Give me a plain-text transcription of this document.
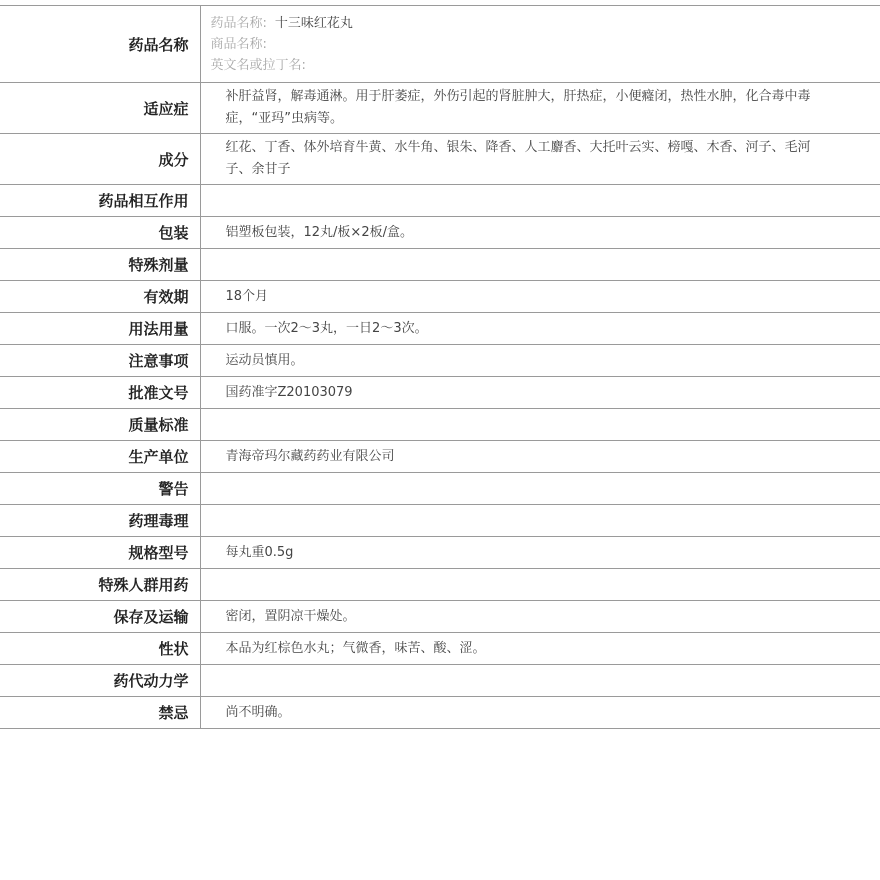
药品名称	药品名称: 十三味红花丸
商品名称:
英文名或拉丁名:

适应症	补肝益肾，解毒通淋。用于肝萎症，外伤引起的肾脏肿大，肝热症，小便癃闭，热性水肿，化合毒中毒症，“亚玛”虫病等。
成分	红花、丁香、体外培育牛黄、水牛角、银朱、降香、人工麝香、大托叶云实、榜嘎、木香、河子、毛河子、余甘子
药品相互作用	
包装	铝塑板包装，12丸/板×2板/盒。
特殊剂量	
有效期	18个月
用法用量	口服。一次2～3丸，一日2～3次。
注意事项	运动员慎用。
批准文号	国药准字Z20103079
质量标准	
生产单位	青海帝玛尔藏药药业有限公司
警告	
药理毒理	
规格型号	每丸重0.5g
特殊人群用药	
保存及运输	密闭，置阴凉干燥处。
性状	本品为红棕色水丸；气微香，味苦、酸、涩。
药代动力学	
禁忌	尚不明确。
